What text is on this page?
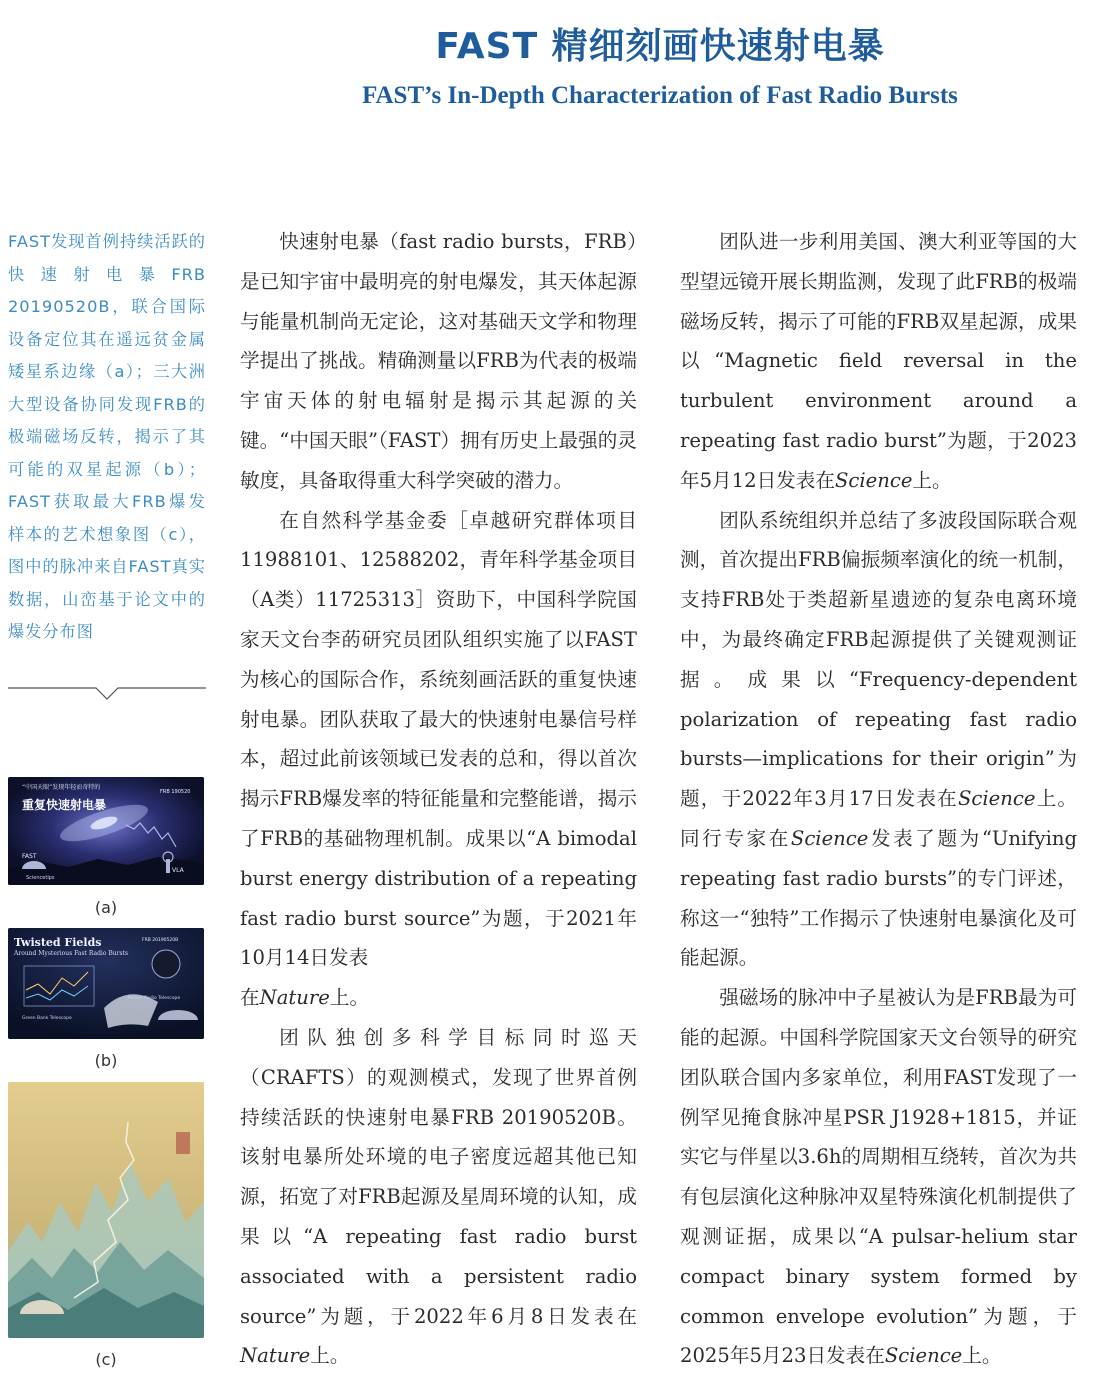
FAST 精细刻画快速射电暴
FAST’s In-Depth Characterization of Fast Radio Bursts

FAST发现首例持续活跃的快速射电暴FRB 20190520B，联合国际设备定位其在遥远贫金属矮星系边缘（a）；三大洲大型设备协同发现FRB的极端磁场反转，揭示了其可能的双星起源（b）；FAST获取最大FRB爆发样本的艺术想象图（c），图中的脉冲来自FAST真实数据，山峦基于论文中的爆发分布图

“中国天眼”发现年轻而奇特的
重复快速射电暴
FRB 190520
FAST
VLA
Sciencetips
(a)
Twisted Fields
Around Mysterious Fast Radio Bursts
FRB 20190520B
Green Bank Telescope
Parkes Radio Telescope
(b)
(c)

快速射电暴（fast radio bursts，FRB）是已知宇宙中最明亮的射电爆发，其天体起源与能量机制尚无定论，这对基础天文学和物理学提出了挑战。精确测量以FRB为代表的极端宇宙天体的射电辐射是揭示其起源的关键。“中国天眼”（FAST）拥有历史上最强的灵敏度，具备取得重大科学突破的潜力。

在自然科学基金委［卓越研究群体项目11988101、12588202，青年科学基金项目（A类）11725313］资助下，中国科学院国家天文台李菂研究员团队组织实施了以FAST为核心的国际合作，系统刻画活跃的重复快速射电暴。团队获取了最大的快速射电暴信号样本，超过此前该领域已发表的总和，得以首次揭示FRB爆发率的特征能量和完整能谱，揭示了FRB的基础物理机制。成果以“A bimodal burst energy distribution of a repeating fast radio burst source”为题，于2021年10月14日发表

在Nature上。

团队独创多科学目标同时巡天（CRAFTS）的观测模式，发现了世界首例持续活跃的快速射电暴FRB 20190520B。该射电暴所处环境的电子密度远超其他已知源，拓宽了对FRB起源及星周环境的认知，成果以“A repeating fast radio burst associated with a persistent radio source”为题，于2022年6月8日发表在Nature上。

团队进一步利用美国、澳大利亚等国的大型望远镜开展长期监测，发现了此FRB的极端磁场反转，揭示了可能的FRB双星起源，成果以“Magnetic field reversal in the turbulent environment around a repeating fast radio burst”为题，于2023年5月12日发表在Science上。

团队系统组织并总结了多波段国际联合观测，首次提出FRB偏振频率演化的统一机制，支持FRB处于类超新星遗迹的复杂电离环境中，为最终确定FRB起源提供了关键观测证据。成果以“Frequency-dependent polarization of repeating fast radio bursts—implications for their origin”为题，于2022年3月17日发表在Science上。同行专家在Science发表了题为“Unifying repeating fast radio bursts”的专门评述，称这一“独特”工作揭示了快速射电暴演化及可能起源。

强磁场的脉冲中子星被认为是FRB最为可能的起源。中国科学院国家天文台领导的研究团队联合国内多家单位，利用FAST发现了一例罕见掩食脉冲星PSR J1928+1815，并证实它与伴星以3.6h的周期相互绕转，首次为共有包层演化这种脉冲双星特殊演化机制提供了观测证据，成果以“A pulsar-helium star compact binary system formed by common envelope evolution”为题，于2025年5月23日发表在Science上。
